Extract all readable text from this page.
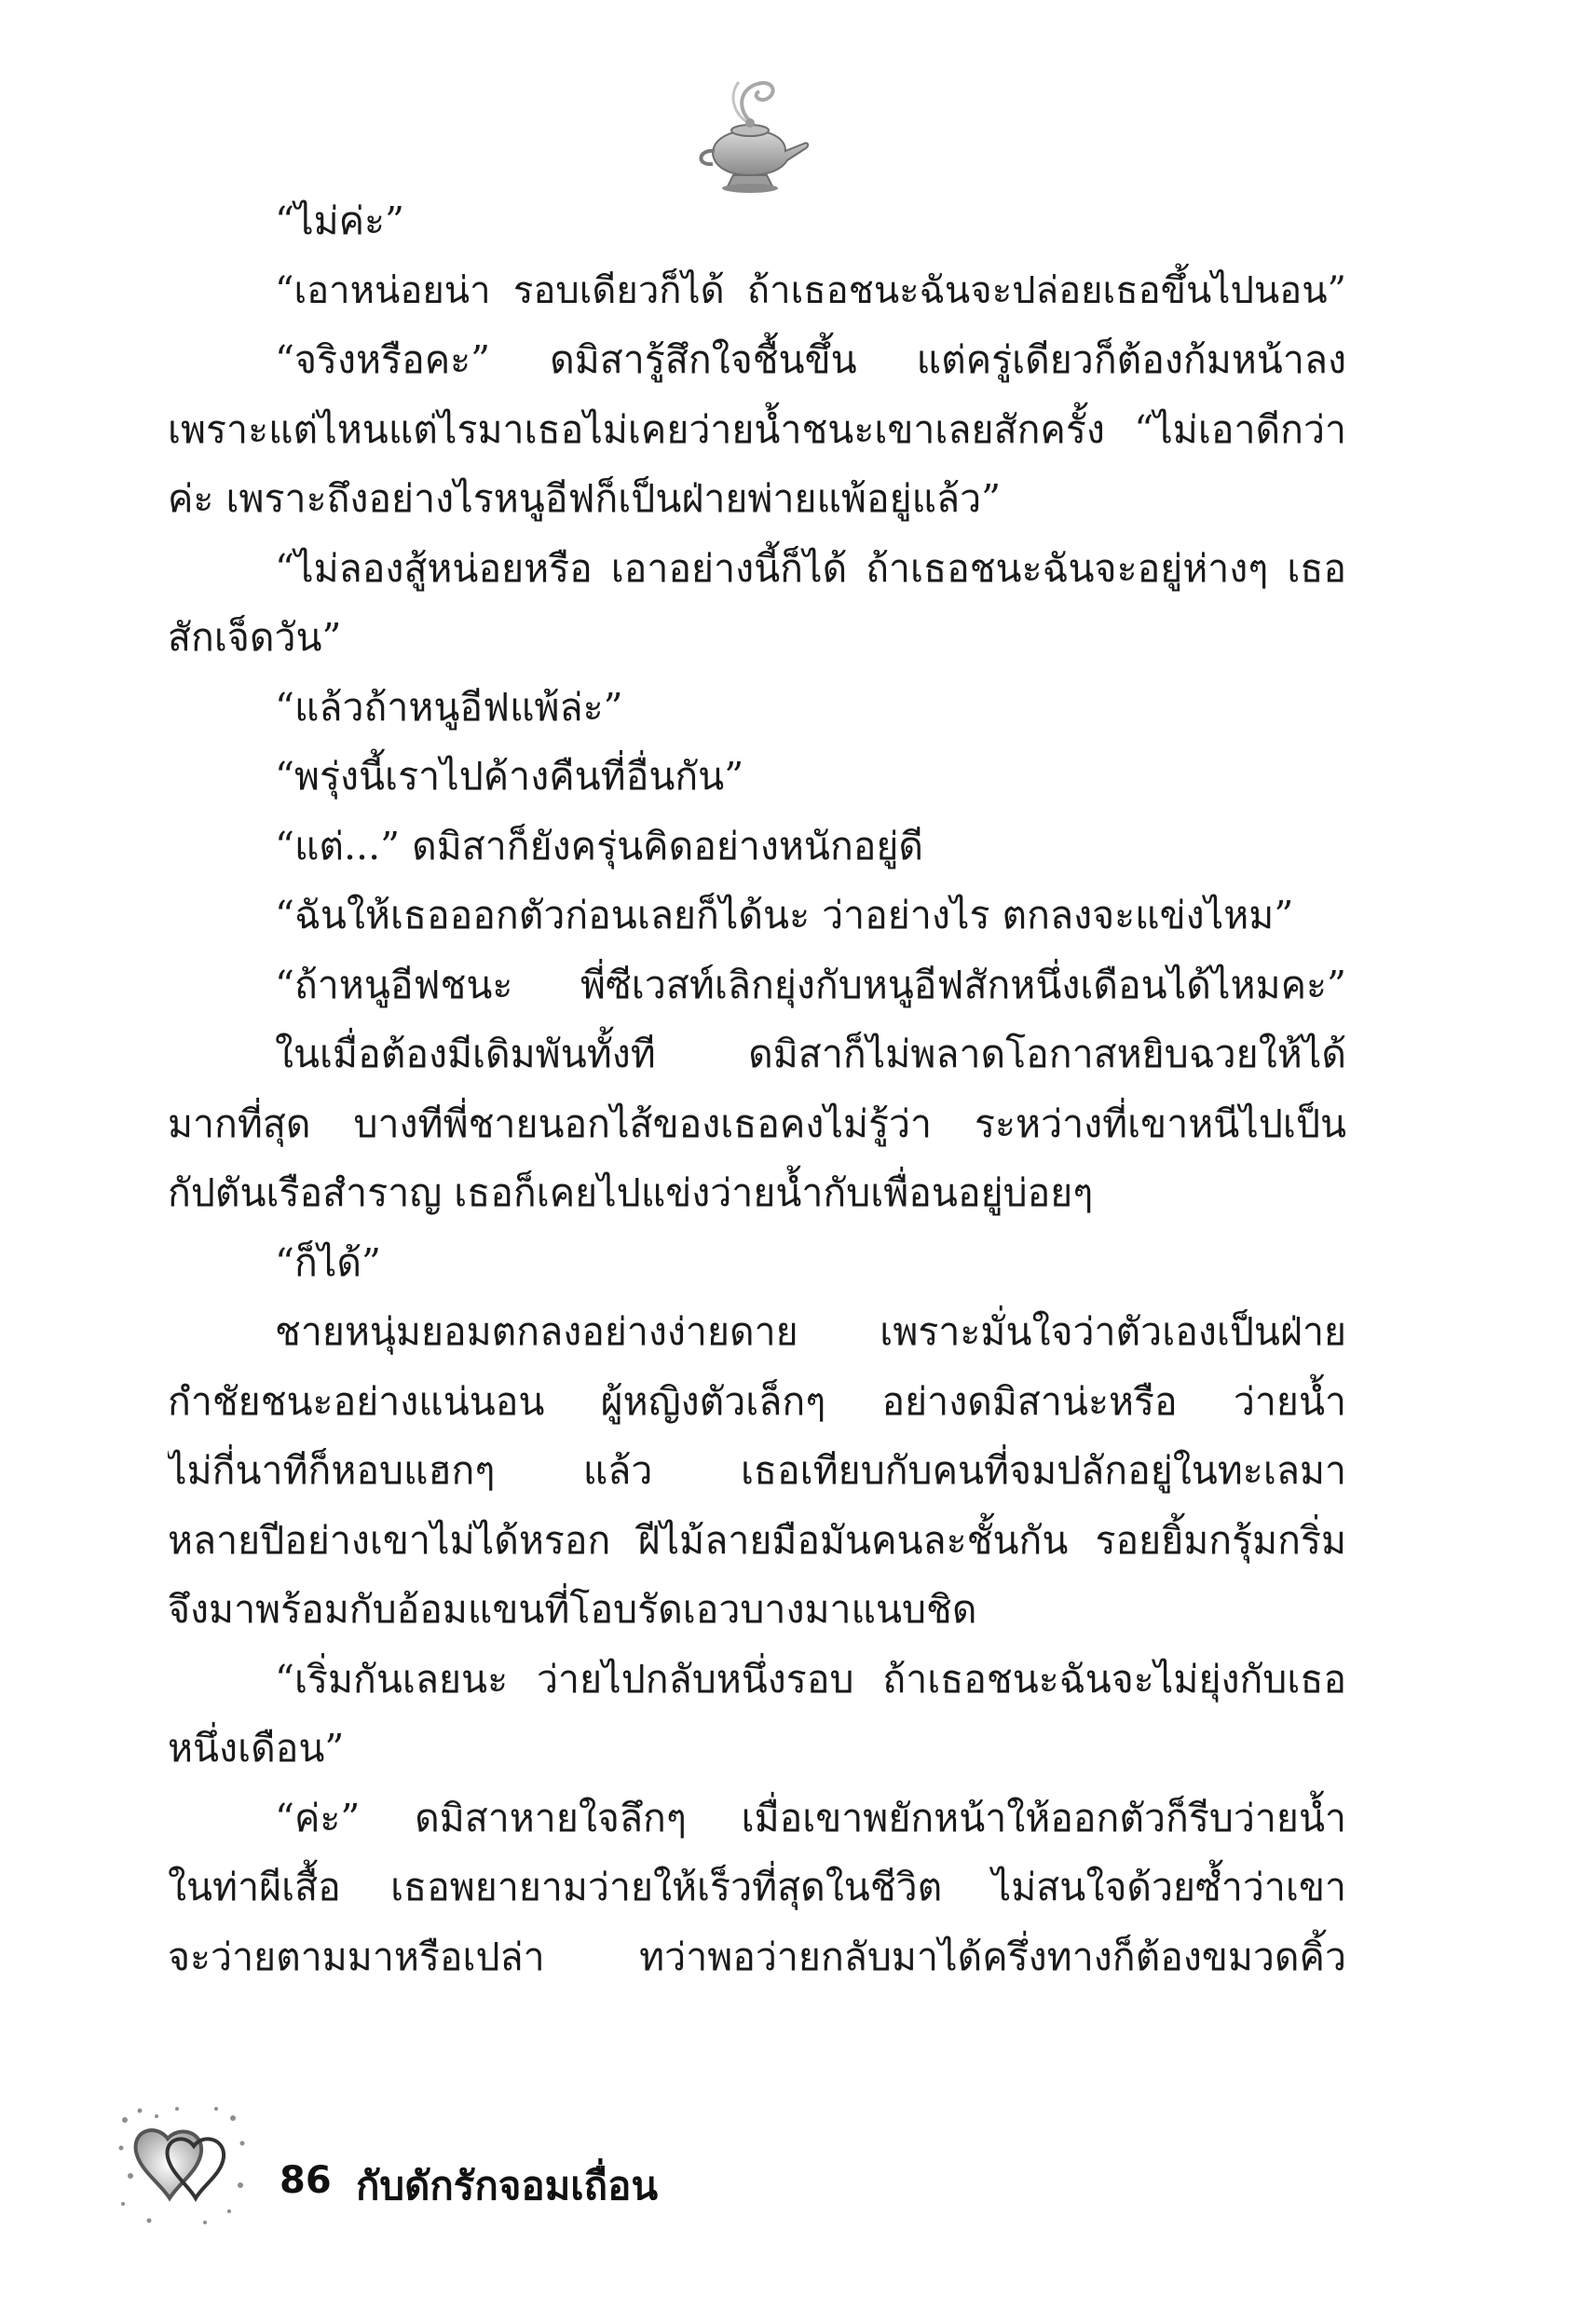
“ไม่ค่ะ”
“เอาหน่อยน่า รอบเดียวก็ได้ ถ้าเธอชนะฉันจะปล่อยเธอขึ้นไปนอน”
“จริงหรือคะ” ดมิสารู้สึกใจชื้นขึ้น แต่ครู่เดียวก็ต้องก้มหน้าลง
เพราะแต่ไหนแต่ไรมาเธอไม่เคยว่ายน้ำชนะเขาเลยสักครั้ง “ไม่เอาดีกว่า
ค่ะ เพราะถึงอย่างไรหนูอีฟก็เป็นฝ่ายพ่ายแพ้อยู่แล้ว”
“ไม่ลองสู้หน่อยหรือ เอาอย่างนี้ก็ได้ ถ้าเธอชนะฉันจะอยู่ห่างๆ เธอ
สักเจ็ดวัน”
“แล้วถ้าหนูอีฟแพ้ล่ะ”
“พรุ่งนี้เราไปค้างคืนที่อื่นกัน”
“แต่...” ดมิสาก็ยังครุ่นคิดอย่างหนักอยู่ดี
“ฉันให้เธอออกตัวก่อนเลยก็ได้นะ ว่าอย่างไร ตกลงจะแข่งไหม”
“ถ้าหนูอีฟชนะ พี่ซีเวสท์เลิกยุ่งกับหนูอีฟสักหนึ่งเดือนได้ไหมคะ”
ในเมื่อต้องมีเดิมพันทั้งที ดมิสาก็ไม่พลาดโอกาสหยิบฉวยให้ได้
มากที่สุด บางทีพี่ชายนอกไส้ของเธอคงไม่รู้ว่า ระหว่างที่เขาหนีไปเป็น
กัปตันเรือสำราญ เธอก็เคยไปแข่งว่ายน้ำกับเพื่อนอยู่บ่อยๆ
“ก็ได้”
ชายหนุ่มยอมตกลงอย่างง่ายดาย เพราะมั่นใจว่าตัวเองเป็นฝ่าย
กำชัยชนะอย่างแน่นอน ผู้หญิงตัวเล็กๆ อย่างดมิสาน่ะหรือ ว่ายน้ำ
ไม่กี่นาทีก็หอบแฮกๆ แล้ว เธอเทียบกับคนที่จมปลักอยู่ในทะเลมา
หลายปีอย่างเขาไม่ได้หรอก ฝีไม้ลายมือมันคนละชั้นกัน รอยยิ้มกรุ้มกริ่ม
จึงมาพร้อมกับอ้อมแขนที่โอบรัดเอวบางมาแนบชิด
“เริ่มกันเลยนะ ว่ายไปกลับหนึ่งรอบ ถ้าเธอชนะฉันจะไม่ยุ่งกับเธอ
หนึ่งเดือน”
“ค่ะ” ดมิสาหายใจลึกๆ เมื่อเขาพยักหน้าให้ออกตัวก็รีบว่ายน้ำ
ในท่าผีเสื้อ เธอพยายามว่ายให้เร็วที่สุดในชีวิต ไม่สนใจด้วยซ้ำว่าเขา
จะว่ายตามมาหรือเปล่า ทว่าพอว่ายกลับมาได้ครึ่งทางก็ต้องขมวดคิ้ว
86 กับดักรักจอมเถื่อน
